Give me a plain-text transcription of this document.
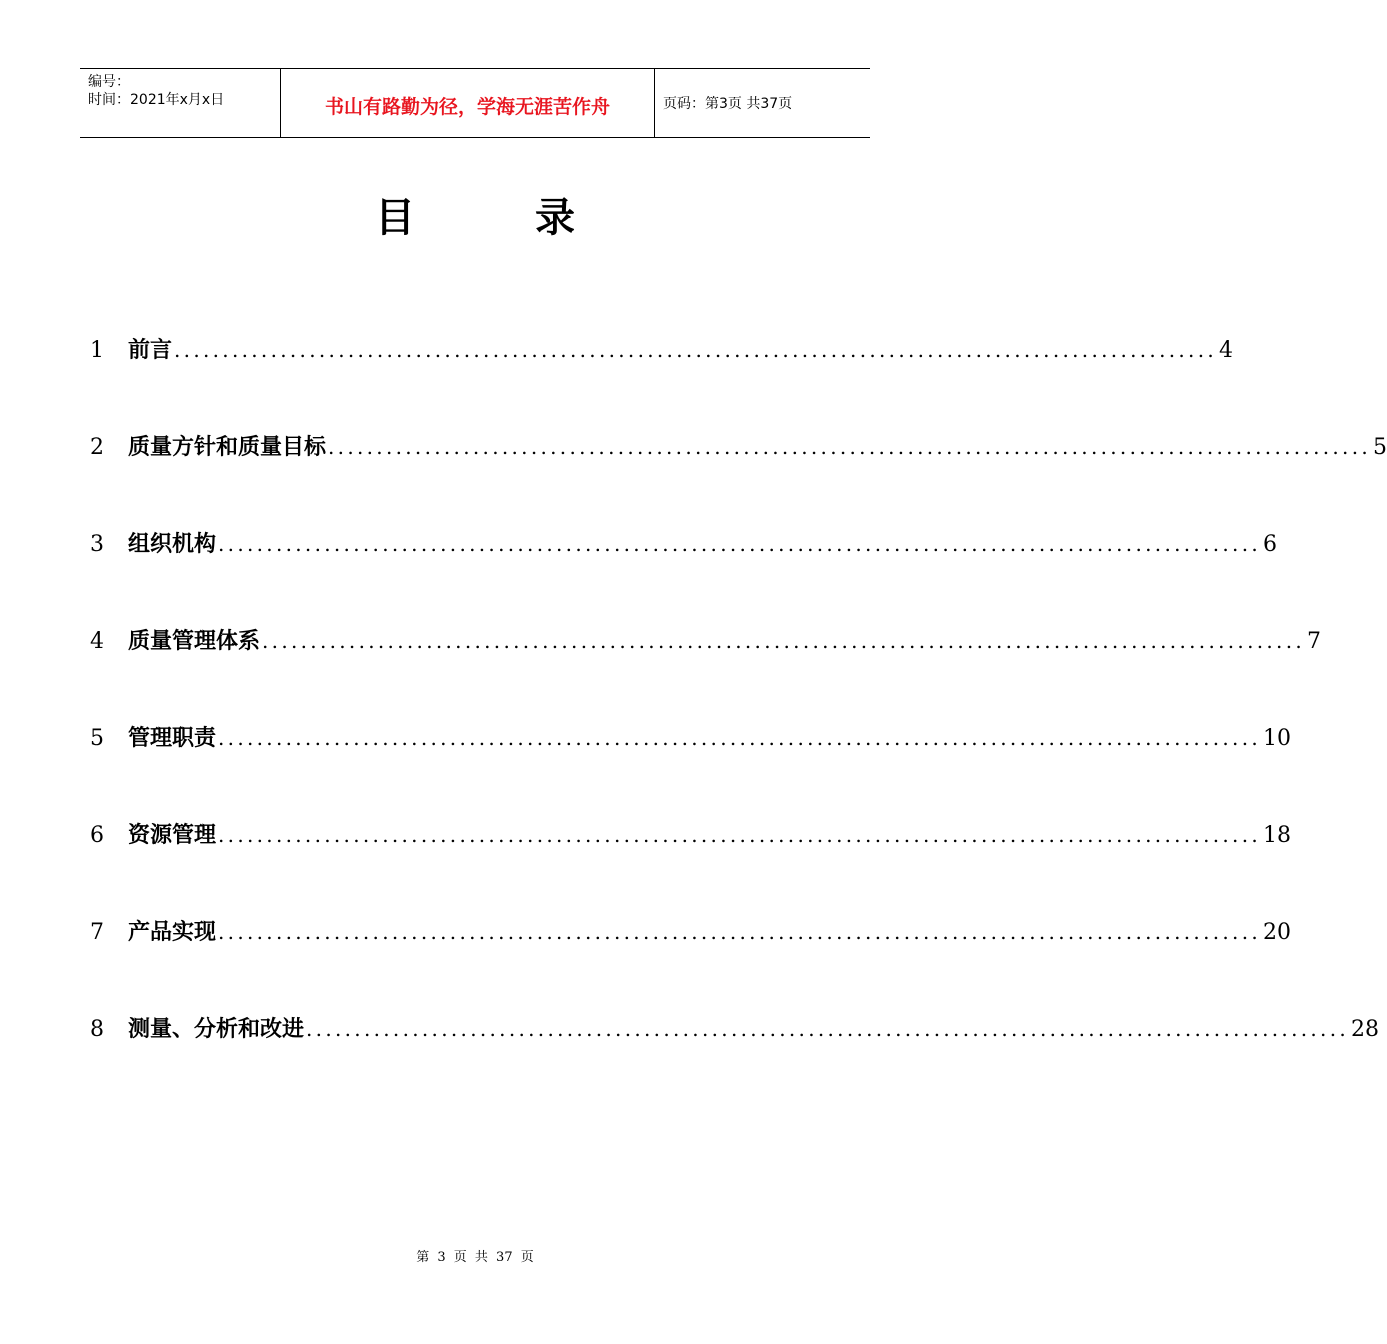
编号：
时间：2021年x月x日	书山有路勤为径，学海无涯苦作舟	页码：第3页 共37页
目	录
1	前言 ............................................................................................................ 4
2	质量方针和质量目标 ............................................................................................................ 5
3	组织机构 ............................................................................................................ 6
4	质量管理体系 ............................................................................................................ 7
5	管理职责 ............................................................................................................ 10
6	资源管理 ............................................................................................................ 18
7	产品实现 ............................................................................................................ 20
8	测量、分析和改进 ............................................................................................................ 28
第 3 页 共 37 页
